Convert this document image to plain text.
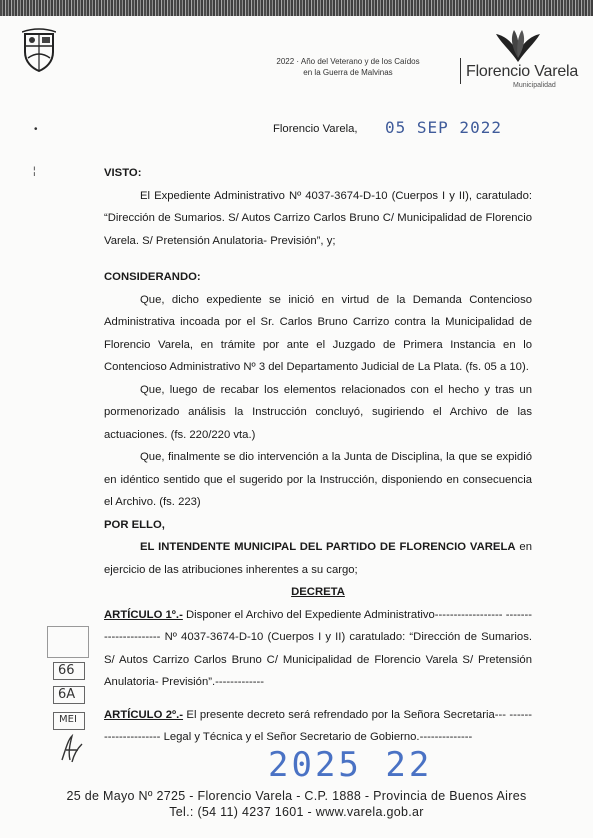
2022 · Año del Veterano y de los Caídos
en la Guerra de Malvinas	Florencio Varela
Municipalidad
Florencio Varela, 05 SEP 2022
•
¦	VISTO:

El Expediente Administrativo Nº 4037-3674-D-10 (Cuerpos I y II), caratulado: “Dirección de Sumarios. S/ Autos Carrizo Carlos Bruno C/ Municipalidad de Florencio Varela. S/ Pretensión Anulatoria- Previsión”, y;

CONSIDERANDO:

Que, dicho expediente se inició en virtud de la Demanda Contencioso Administrativa incoada por el Sr. Carlos Bruno Carrizo contra la Municipalidad de Florencio Varela, en trámite por ante el Juzgado de Primera Instancia en lo Contencioso Administrativo Nº 3 del Departamento Judicial de La Plata. (fs. 05 a 10).

Que, luego de recabar los elementos relacionados con el hecho y tras un pormenorizado análisis la Instrucción concluyó, sugiriendo el Archivo de las actuaciones. (fs. 220/220 vta.)

Que, finalmente se dio intervención a la Junta de Disciplina, la que se expidió en idéntico sentido que el sugerido por la Instrucción, disponiendo en consecuencia el Archivo. (fs. 223)

POR ELLO,

EL INTENDENTE MUNICIPAL DEL PARTIDO DE FLORENCIO VARELA en ejercicio de las atribuciones inherentes a su cargo;

DECRETA

ARTÍCULO 1º.- Disponer el Archivo del Expediente Administrativo------------------ ---------------------- Nº 4037-3674-D-10 (Cuerpos I y II) caratulado: “Dirección de Sumarios. S/ Autos Carrizo Carlos Bruno C/ Municipalidad de Florencio Varela S/ Pretensión Anulatoria- Previsión”.-------------

ARTÍCULO 2º.- El presente decreto será refrendado por la Señora Secretaria--- --------------------- Legal y Técnica y el Señor Secretario de Gobierno.--------------

66
6A
MEI
2025 22
25 de Mayo Nº 2725 - Florencio Varela - C.P. 1888 - Provincia de Buenos Aires
Tel.: (54 11) 4237 1601 - www.varela.gob.ar
